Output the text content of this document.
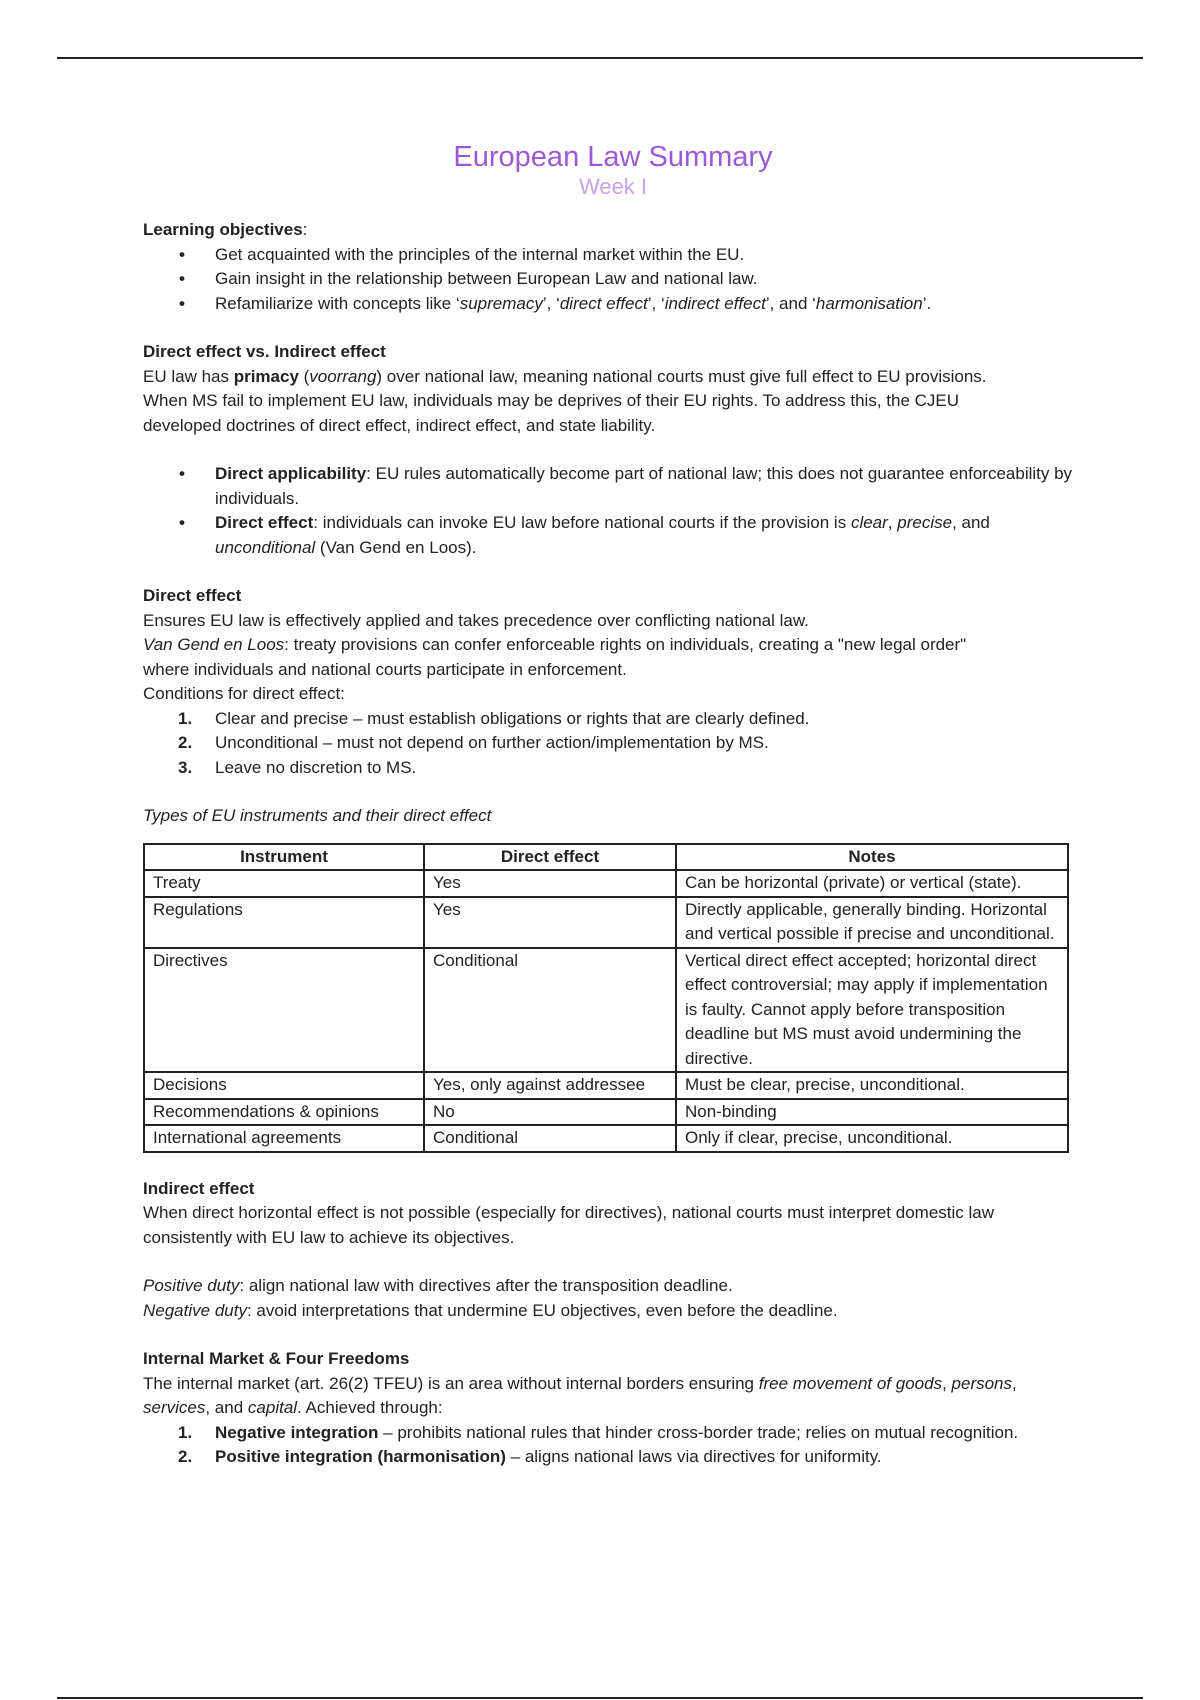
European Law Summary
Week I

Learning objectives:

• Get acquainted with the principles of the internal market within the EU.
• Gain insight in the relationship between European Law and national law.
• Refamiliarize with concepts like ‘supremacy’, ‘direct effect’, ‘indirect effect’, and ‘harmonisation’.

Direct effect vs. Indirect effect

EU law has primacy (voorrang) over national law, meaning national courts must give full effect to EU provisions.

When MS fail to implement EU law, individuals may be deprives of their EU rights. To address this, the CJEU

developed doctrines of direct effect, indirect effect, and state liability.

• Direct applicability: EU rules automatically become part of national law; this does not guarantee enforceability by individuals.
• Direct effect: individuals can invoke EU law before national courts if the provision is clear, precise, and unconditional (Van Gend en Loos).

Direct effect

Ensures EU law is effectively applied and takes precedence over conflicting national law.

Van Gend en Loos: treaty provisions can confer enforceable rights on individuals, creating a "new legal order"

where individuals and national courts participate in enforcement.

Conditions for direct effect:

1. Clear and precise – must establish obligations or rights that are clearly defined.
2. Unconditional – must not depend on further action/implementation by MS.
3. Leave no discretion to MS.

Types of EU instruments and their direct effect

Instrument	Direct effect	Notes
Treaty	Yes	Can be horizontal (private) or vertical (state).
Regulations	Yes	Directly applicable, generally binding. Horizontal and vertical possible if precise and unconditional.
Directives	Conditional	Vertical direct effect accepted; horizontal direct effect controversial; may apply if implementation is faulty. Cannot apply before transposition deadline but MS must avoid undermining the directive.
Decisions	Yes, only against addressee	Must be clear, precise, unconditional.
Recommendations & opinions	No	Non-binding
International agreements	Conditional	Only if clear, precise, unconditional.

Indirect effect

When direct horizontal effect is not possible (especially for directives), national courts must interpret domestic law consistently with EU law to achieve its objectives.

Positive duty: align national law with directives after the transposition deadline.

Negative duty: avoid interpretations that undermine EU objectives, even before the deadline.

Internal Market & Four Freedoms

The internal market (art. 26(2) TFEU) is an area without internal borders ensuring free movement of goods, persons, services, and capital. Achieved through:

1. Negative integration – prohibits national rules that hinder cross-border trade; relies on mutual recognition.
2. Positive integration (harmonisation) – aligns national laws via directives for uniformity.
